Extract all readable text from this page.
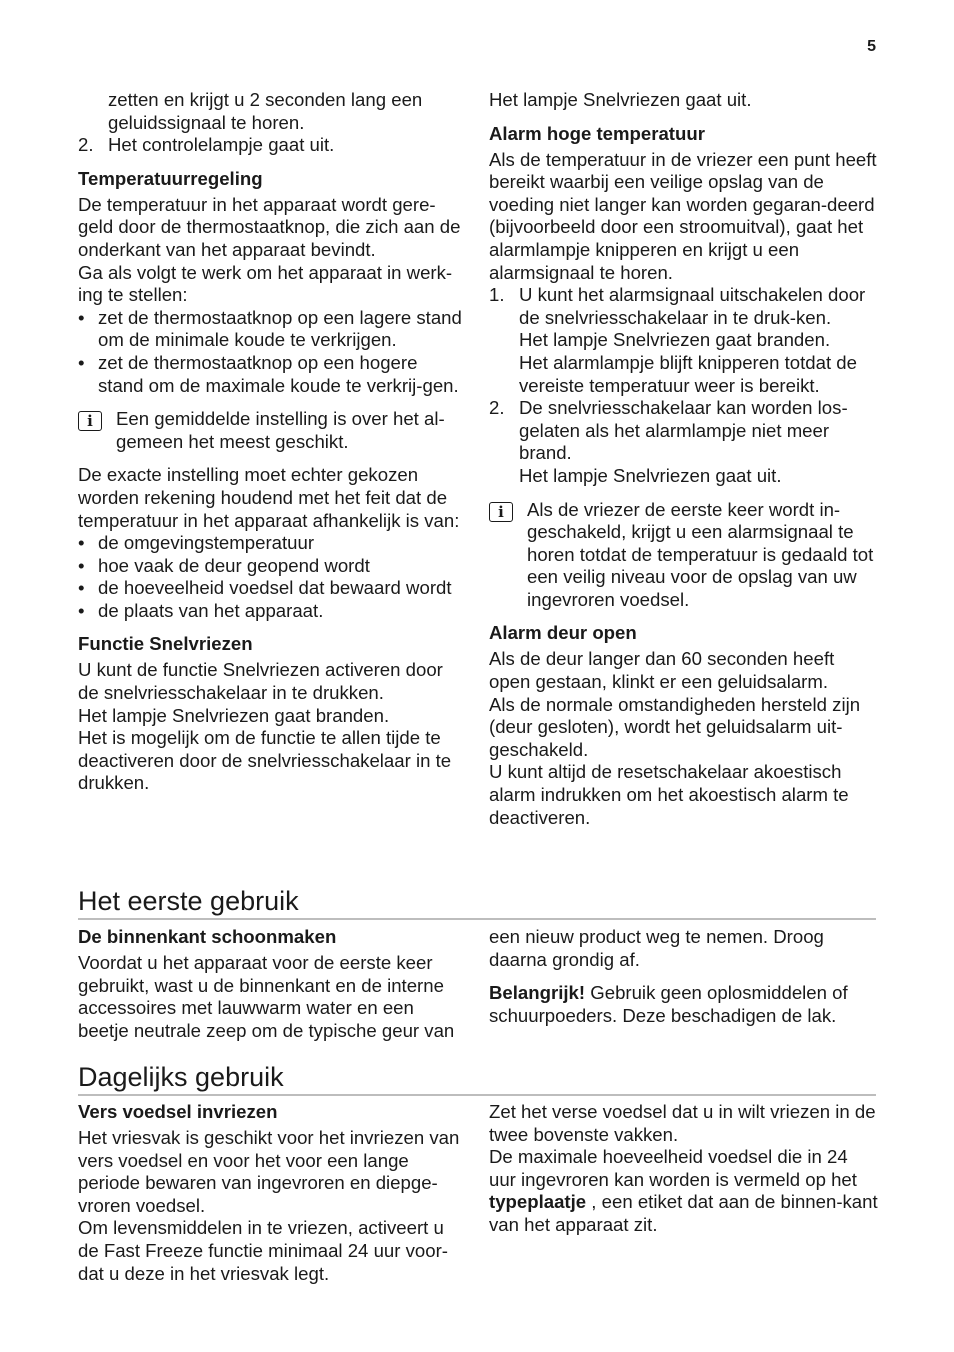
5

zetten en krijgt u 2 seconden lang een geluidssignaal te horen.

2. Het controlelampje gaat uit.
Temperatuurregeling

De temperatuur in het apparaat wordt gere-geld door de thermostaatknop, die zich aan de onderkant van het apparaat bevindt.

Ga als volgt te werk om het apparaat in werk-ing te stellen:

• zet de thermostaatknop op een lagere stand om de minimale koude te verkrijgen.
• zet de thermostaatknop op een hogere stand om de maximale koude te verkrij-gen.
i	Een gemiddelde instelling is over het al-gemeen het meest geschikt.

De exacte instelling moet echter gekozen worden rekening houdend met het feit dat de temperatuur in het apparaat afhankelijk is van:

• de omgevingstemperatuur
• hoe vaak de deur geopend wordt
• de hoeveelheid voedsel dat bewaard wordt
• de plaats van het apparaat.
Functie Snelvriezen

U kunt de functie Snelvriezen activeren door de snelvriesschakelaar in te drukken.

Het lampje Snelvriezen gaat branden.

Het is mogelijk om de functie te allen tijde te deactiveren door de snelvriesschakelaar in te drukken.

Het lampje Snelvriezen gaat uit.

Alarm hoge temperatuur

Als de temperatuur in de vriezer een punt heeft bereikt waarbij een veilige opslag van de voeding niet langer kan worden gegaran-deerd (bijvoorbeeld door een stroomuitval), gaat het alarmlampje knipperen en krijgt u een alarmsignaal te horen.

1. U kunt het alarmsignaal uitschakelen door de snelvriesschakelaar in te druk-ken.

Het lampje Snelvriezen gaat branden.

Het alarmlampje blijft knipperen totdat de vereiste temperatuur weer is bereikt.

2. De snelvriesschakelaar kan worden los-gelaten als het alarmlampje niet meer brand.

Het lampje Snelvriezen gaat uit.

i	Als de vriezer de eerste keer wordt in-geschakeld, krijgt u een alarmsignaal te horen totdat de temperatuur is gedaald tot een veilig niveau voor de opslag van uw ingevroren voedsel.

Alarm deur open

Als de deur langer dan 60 seconden heeft open gestaan, klinkt er een geluidsalarm.

Als de normale omstandigheden hersteld zijn (deur gesloten), wordt het geluidsalarm uit-geschakeld.

U kunt altijd de resetschakelaar akoestisch alarm indrukken om het akoestisch alarm te deactiveren.

Het eerste gebruik
De binnenkant schoonmaken

Voordat u het apparaat voor de eerste keer gebruikt, wast u de binnenkant en de interne accessoires met lauwwarm water en een beetje neutrale zeep om de typische geur van

een nieuw product weg te nemen. Droog daarna grondig af.

Belangrijk! Gebruik geen oplosmiddelen of schuurpoeders. Deze beschadigen de lak.

Dagelijks gebruik
Vers voedsel invriezen

Het vriesvak is geschikt voor het invriezen van vers voedsel en voor het voor een lange periode bewaren van ingevroren en diepge-vroren voedsel.

Om levensmiddelen in te vriezen, activeert u de Fast Freeze functie minimaal 24 uur voor-dat u deze in het vriesvak legt.

Zet het verse voedsel dat u in wilt vriezen in de twee bovenste vakken.

De maximale hoeveelheid voedsel die in 24 uur ingevroren kan worden is vermeld op het typeplaatje , een etiket dat aan de binnen-kant van het apparaat zit.
